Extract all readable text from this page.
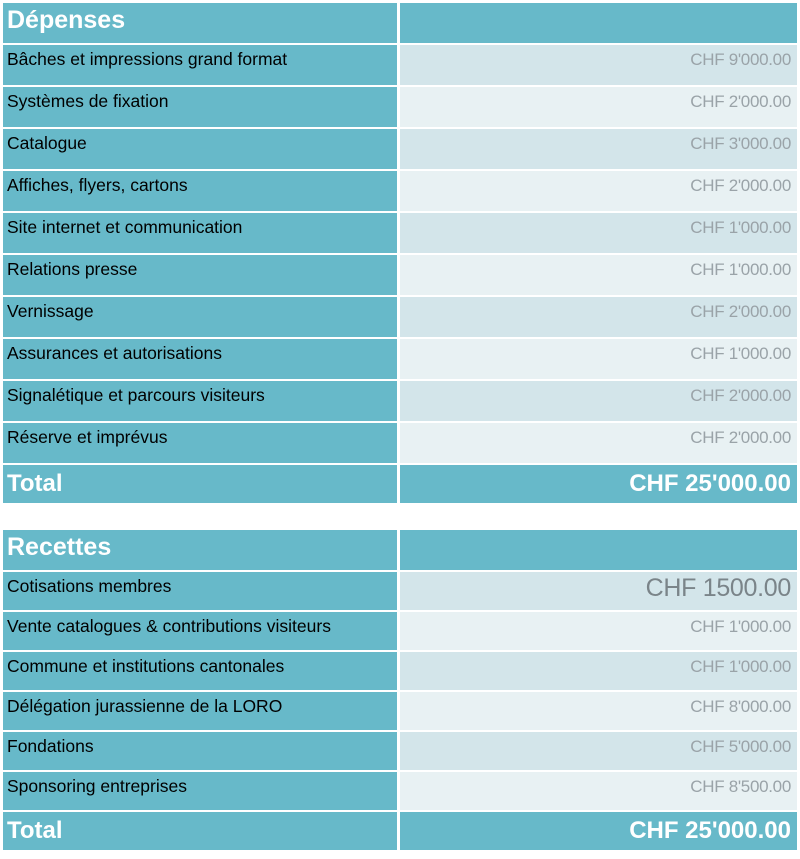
Dépenses
Bâches et impressions grand format	CHF 9'000.00
Systèmes de fixation	CHF 2'000.00
Catalogue	CHF 3'000.00
Affiches, flyers, cartons	CHF 2'000.00
Site internet et communication	CHF 1'000.00
Relations presse	CHF 1'000.00
Vernissage	CHF 2'000.00
Assurances et autorisations	CHF 1'000.00
Signalétique et parcours visiteurs	CHF 2'000.00
Réserve et imprévus	CHF 2'000.00
Total	CHF 25'000.00
Recettes
Cotisations membres	CHF 1500.00
Vente catalogues & contributions visiteurs	CHF 1'000.00
Commune et institutions cantonales	CHF 1'000.00
Délégation jurassienne de la LORO	CHF 8'000.00
Fondations	CHF 5'000.00
Sponsoring entreprises	CHF 8'500.00
Total	CHF 25'000.00
